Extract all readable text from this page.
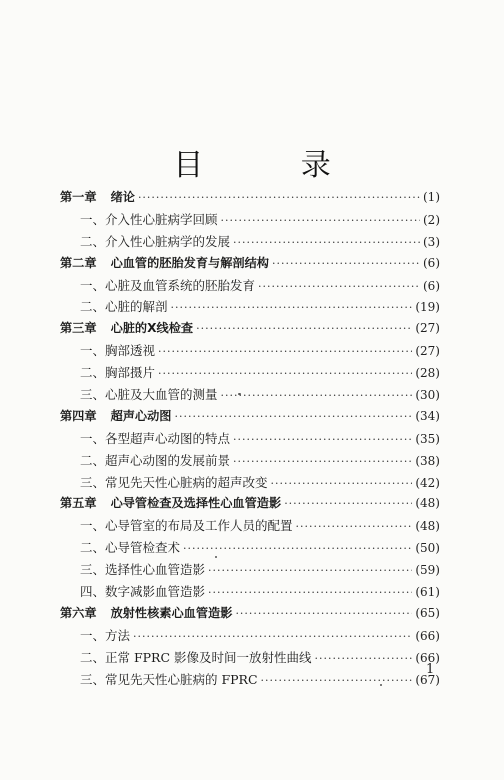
目 录
第一章 绪论 ·····	(1)
一、介入性心脏病学回顾 ·····	(2)
二、介入性心脏病学的发展 ·····	(3)
第二章 心血管的胚胎发育与解剖结构 ·····	(6)
一、心脏及血管系统的胚胎发育 ·····	(6)
二、心脏的解剖 ·····	(19)
第三章 心脏的X线检查 ·····	(27)
一、胸部透视 ·····	(27)
二、胸部摄片 ·····	(28)
三、心脏及大血管的测量 ·····	(30)
第四章 超声心动图 ·····	(34)
一、各型超声心动图的特点 ·····	(35)
二、超声心动图的发展前景 ·····	(38)
三、常见先天性心脏病的超声改变 ·····	(42)
第五章 心导管检查及选择性心血管造影 ·····	(48)
一、心导管室的布局及工作人员的配置 ·····	(48)
二、心导管检查术 ·····	(50)
三、选择性心血管造影 ·····	(59)
四、数字减影血管造影 ·····	(61)
第六章 放射性核素心血管造影 ·····	(65)
一、方法 ·····	(66)
二、正常 FPRC 影像及时间一放射性曲线 ·····	(66)
三、常见先天性心脏病的 FPRC ·····	(67)
1
